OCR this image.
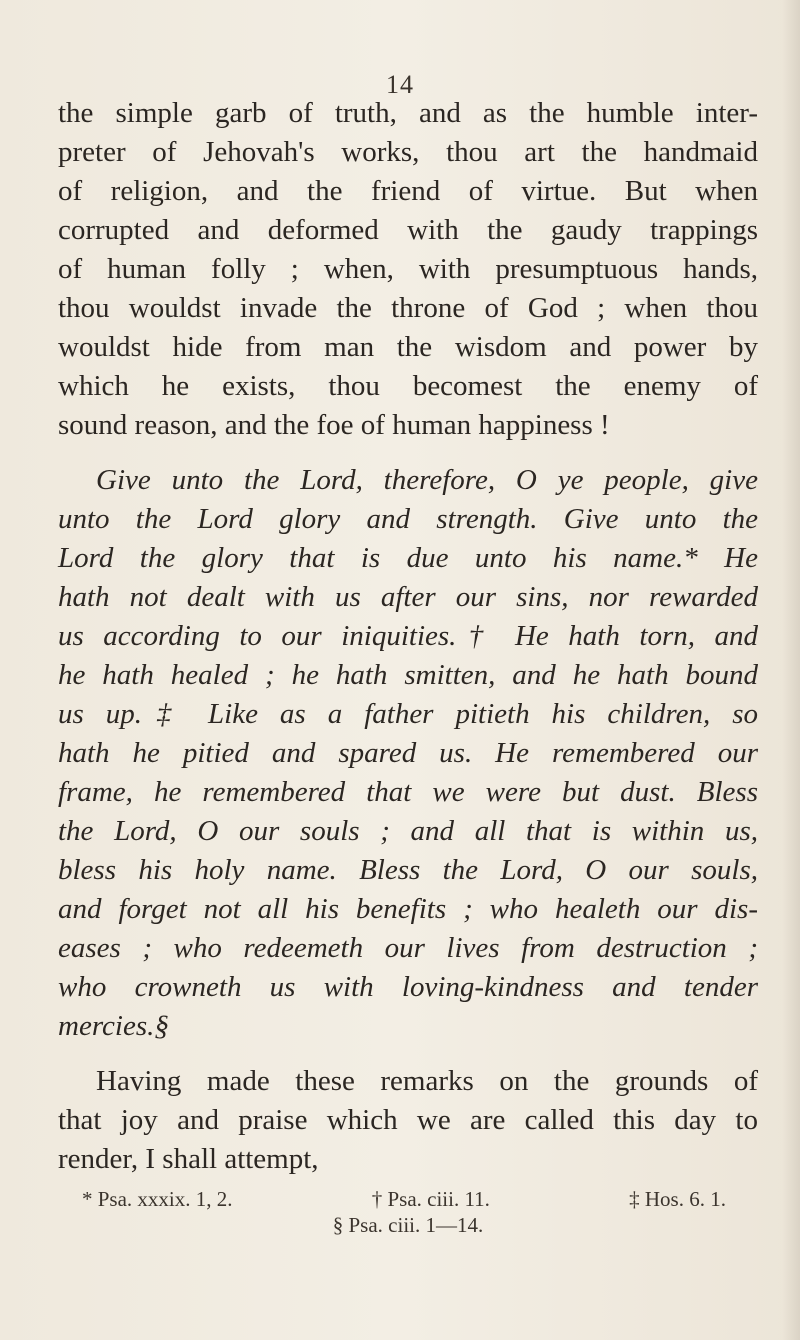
14
the simple garb of truth, and as the humble inter-
preter of Jehovah's works, thou art the handmaid
of religion, and the friend of virtue. But when
corrupted and deformed with the gaudy trappings
of human folly ; when, with presumptuous hands,
thou wouldst invade the throne of God ; when thou
wouldst hide from man the wisdom and power by
which he exists, thou becomest the enemy of
sound reason, and the foe of human happiness !
Give unto the Lord, therefore, O ye people, give
unto the Lord glory and strength. Give unto the
Lord the glory that is due unto his name.* He
hath not dealt with us after our sins, nor rewarded
us according to our iniquities.† He hath torn, and
he hath healed ; he hath smitten, and he hath bound
us up.‡ Like as a father pitieth his children, so
hath he pitied and spared us. He remembered our
frame, he remembered that we were but dust. Bless
the Lord, O our souls ; and all that is within us,
bless his holy name. Bless the Lord, O our souls,
and forget not all his benefits ; who healeth our dis-
eases ; who redeemeth our lives from destruction ;
who crowneth us with loving-kindness and tender
mercies.§
Having made these remarks on the grounds of
that joy and praise which we are called this day to
render, I shall attempt,
* Psa. xxxix. 1, 2.	† Psa. ciii. 11.	‡ Hos. 6. 1.
§ Psa. ciii. 1—14.
